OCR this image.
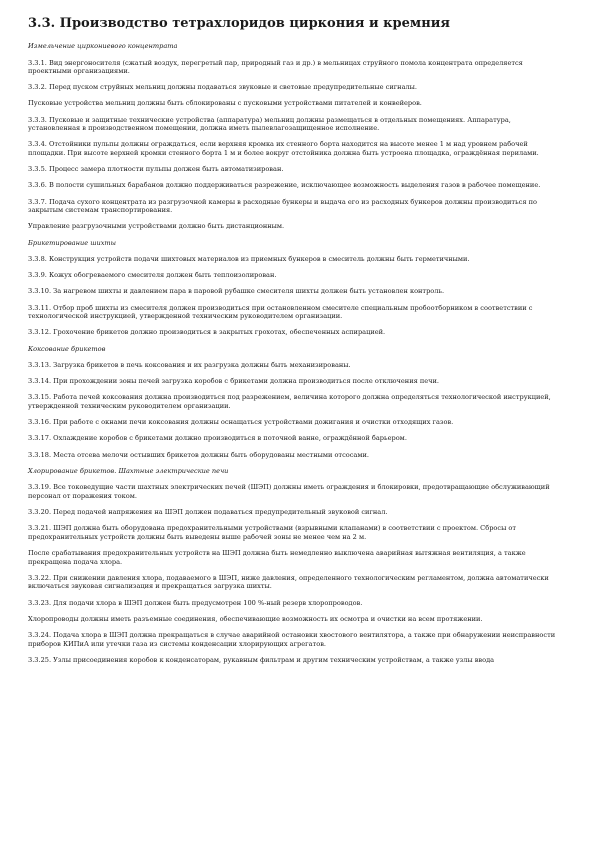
3.3. Производство тетрахлоридов циркония и кремния
Измельчение циркониевого концентрата
3.3.1. Вид энергоносителя (сжатый воздух, перегретый пар, природный газ и др.) в мельницах струйного помола концентрата определяется проектными организациями.
3.3.2. Перед пуском струйных мельниц должны подаваться звуковые и световые предупредительные сигналы.
Пусковые устройства мельниц должны быть сблокированы с пусковыми устройствами питателей и конвейеров.
3.3.3. Пусковые и защитные технические устройства (аппаратура) мельниц должны размещаться в отдельных помещениях. Аппаратура, установленная в производственном помещении, должна иметь пылевлагозащищенное исполнение.
3.3.4. Отстойники пульпы должны ограждаться, если верхняя кромка их стенного борта находится на высоте менее 1 м над уровнем рабочей площадки. При высоте верхней кромки стенного борта 1 м и более вокруг отстойника должна быть устроена площадка, ограждённая перилами.
3.3.5. Процесс замера плотности пульпы должен быть автоматизирован.
3.3.6. В полости сушильных барабанов должно поддерживаться разрежение, исключающее возможность выделения газов в рабочее помещение.
3.3.7. Подача сухого концентрата из разгрузочной камеры в расходные бункеры и выдача его из расходных бункеров должны производиться по закрытым системам транспортирования.
Управление разгрузочными устройствами должно быть дистанционным.
Брикетирование шихты
3.3.8. Конструкция устройств подачи шихтовых материалов из приемных бункеров в смеситель должны быть герметичными.
3.3.9. Кожух обогреваемого смесителя должен быть теплоизолирован.
3.3.10. За нагревом шихты и давлением пара в паровой рубашке смесителя шихты должен быть установлен контроль.
3.3.11. Отбор проб шихты из смесителя должен производиться при остановленном смесителе специальным пробоотборником в соответствии с технологической инструкцией, утвержденной техническим руководителем организации.
3.3.12. Грохочение брикетов должно производиться в закрытых грохотах, обеспеченных аспирацией.
Коксование брикетов
3.3.13. Загрузка брикетов в печь коксования и их разгрузка должны быть механизированы.
3.3.14. При прохождении зоны печей загрузка коробов с брикетами должна производиться после отключения печи.
3.3.15. Работа печей коксования должна производиться под разрежением, величина которого должна определяться технологической инструкцией, утвержденной техническим руководителем организации.
3.3.16. При работе с окнами печи коксования должны оснащаться устройствами дожигания и очистки отходящих газов.
3.3.17. Охлаждение коробов с брикетами должно производиться в поточной ванне, ограждённой барьером.
3.3.18. Места отсева мелочи остывших брикетов должны быть оборудованы местными отсосами.
Хлорирование брикетов. Шахтные электрические печи
3.3.19. Все токоведущие части шахтных электрических печей (ШЭП) должны иметь ограждения и блокировки, предотвращающие обслуживающий персонал от поражения током.
3.3.20. Перед подачей напряжения на ШЭП должен подаваться предупредительный звуковой сигнал.
3.3.21. ШЭП должна быть оборудована предохранительными устройствами (взрывными клапанами) в соответствии с проектом. Сбросы от предохранительных устройств должны быть выведены выше рабочей зоны не менее чем на 2 м.
После срабатывания предохранительных устройств на ШЭП должна быть немедленно выключена аварийная вытяжная вентиляция, а также прекращена подача хлора.
3.3.22. При снижении давления хлора, подаваемого в ШЭП, ниже давления, определенного технологическим регламентом, должна автоматически включаться звуковая сигнализация и прекращаться загрузка шихты.
3.3.23. Для подачи хлора в ШЭП должен быть предусмотрен 100 %-ный резерв хлоропроводов.
Хлоропроводы должны иметь разъемные соединения, обеспечивающие возможность их осмотра и очистки на всем протяжении.
3.3.24. Подача хлора в ШЭП должна прекращаться в случае аварийной остановки хвостового вентилятора, а также при обнаружении неисправности приборов КИПиА или утечки газа из системы конденсации хлорирующих агрегатов.
3.3.25. Узлы присоединения коробов к конденсаторам, рукавным фильтрам и другим техническим устройствам, а также узлы ввода
